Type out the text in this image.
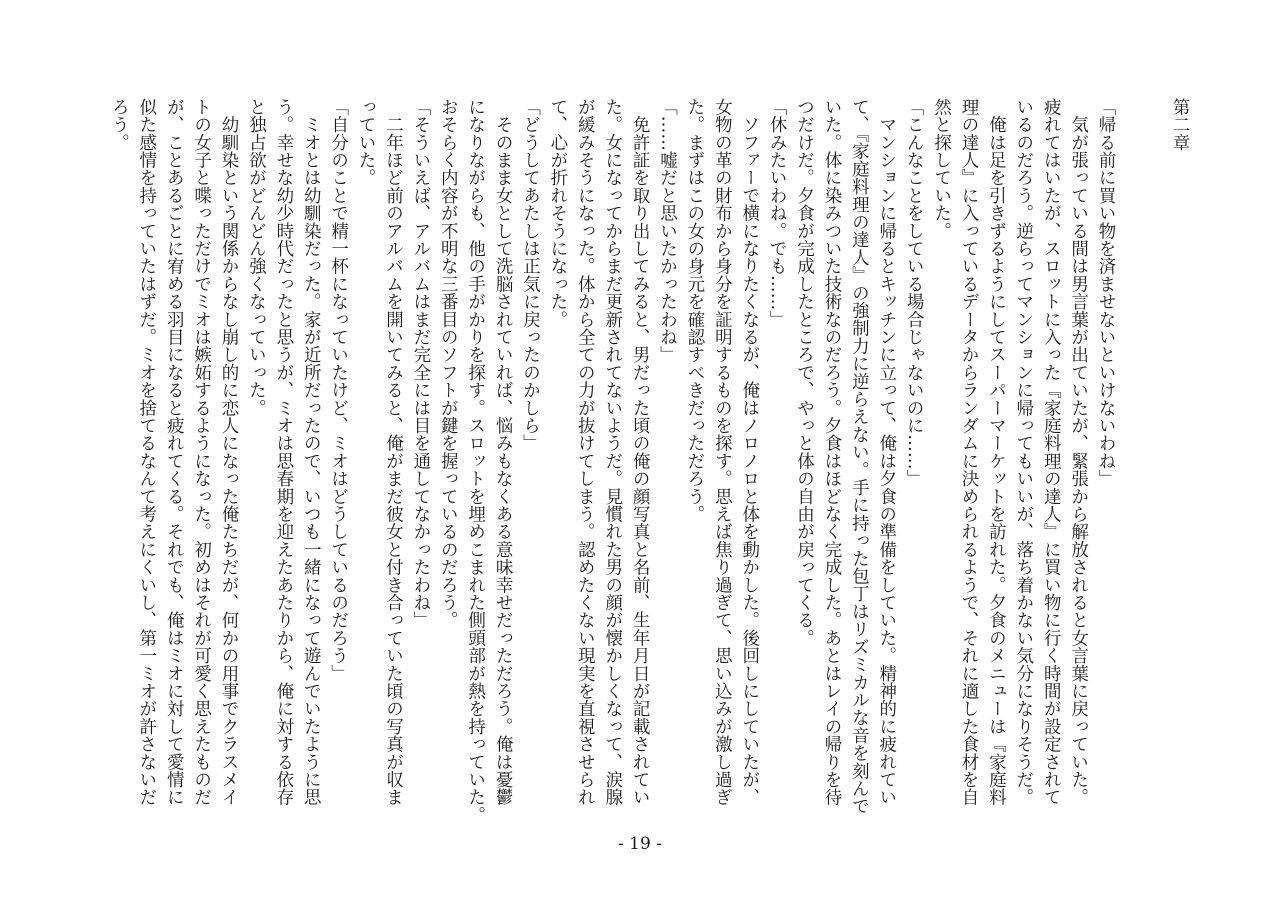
第二章
「帰る前に買い物を済ませないといけないわね」
　気が張っている間は男言葉が出ていたが、緊張から解放されると女言葉に戻っていた。
疲れてはいたが、スロットに入った『家庭料理の達人』に買い物に行く時間が設定されて
いるのだろう。逆らってマンションに帰ってもいいが、落ち着かない気分になりそうだ。
　俺は足を引きずるようにしてスーパーマーケットを訪れた。夕食のメニューは『家庭料
理の達人』に入っているデータからランダムに決められるようで、それに適した食材を自
然と探していた。
「こんなことをしている場合じゃないのに……」
　マンションに帰るとキッチンに立って、俺は夕食の準備をしていた。精神的に疲れてい
て、『家庭料理の達人』の強制力に逆らえない。手に持った包丁はリズミカルな音を刻んで
いた。体に染みついた技術なのだろう。夕食はほどなく完成した。あとはレイの帰りを待
つだけだ。夕食が完成したところで、やっと体の自由が戻ってくる。
「休みたいわね。でも……」
　ソファーで横になりたくなるが、俺はノロノロと体を動かした。後回しにしていたが、
女物の革の財布から身分を証明するものを探す。思えば焦り過ぎて、思い込みが激し過ぎ
た。まずはこの女の身元を確認すべきだっただろう。
「……嘘だと思いたかったわね」
　免許証を取り出してみると、男だった頃の俺の顔写真と名前、生年月日が記載されてい
た。女になってからまだ更新されてないようだ。見慣れた男の顔が懐かしくなって、涙腺
が緩みそうになった。体から全ての力が抜けてしまう。認めたくない現実を直視させられ
て、心が折れそうになった。
「どうしてあたしは正気に戻ったのかしら」
　そのまま女として洗脳されていれば、悩みもなくある意味幸せだっただろう。俺は憂鬱
になりながらも、他の手がかりを探す。スロットを埋めこまれた側頭部が熱を持っていた。
おそらく内容が不明な三番目のソフトが鍵を握っているのだろう。
「そういえば、アルバムはまだ完全には目を通してなかったわね」
　二年ほど前のアルバムを開いてみると、俺がまだ彼女と付き合っていた頃の写真が収ま
っていた。
「自分のことで精一杯になっていたけど、ミオはどうしているのだろう」
　ミオとは幼馴染だった。家が近所だったので、いつも一緒になって遊んでいたように思
う。幸せな幼少時代だったと思うが、ミオは思春期を迎えたあたりから、俺に対する依存
と独占欲がどんどん強くなっていった。
　幼馴染という関係からなし崩し的に恋人になった俺たちだが、何かの用事でクラスメイ
トの女子と喋っただけでミオは嫉妬するようになった。初めはそれが可愛く思えたものだ
が、ことあるごとに宥める羽目になると疲れてくる。それでも、俺はミオに対して愛情に
似た感情を持っていたはずだ。ミオを捨てるなんて考えにくいし、第一ミオが許さないだ
ろう。
- 19 -
